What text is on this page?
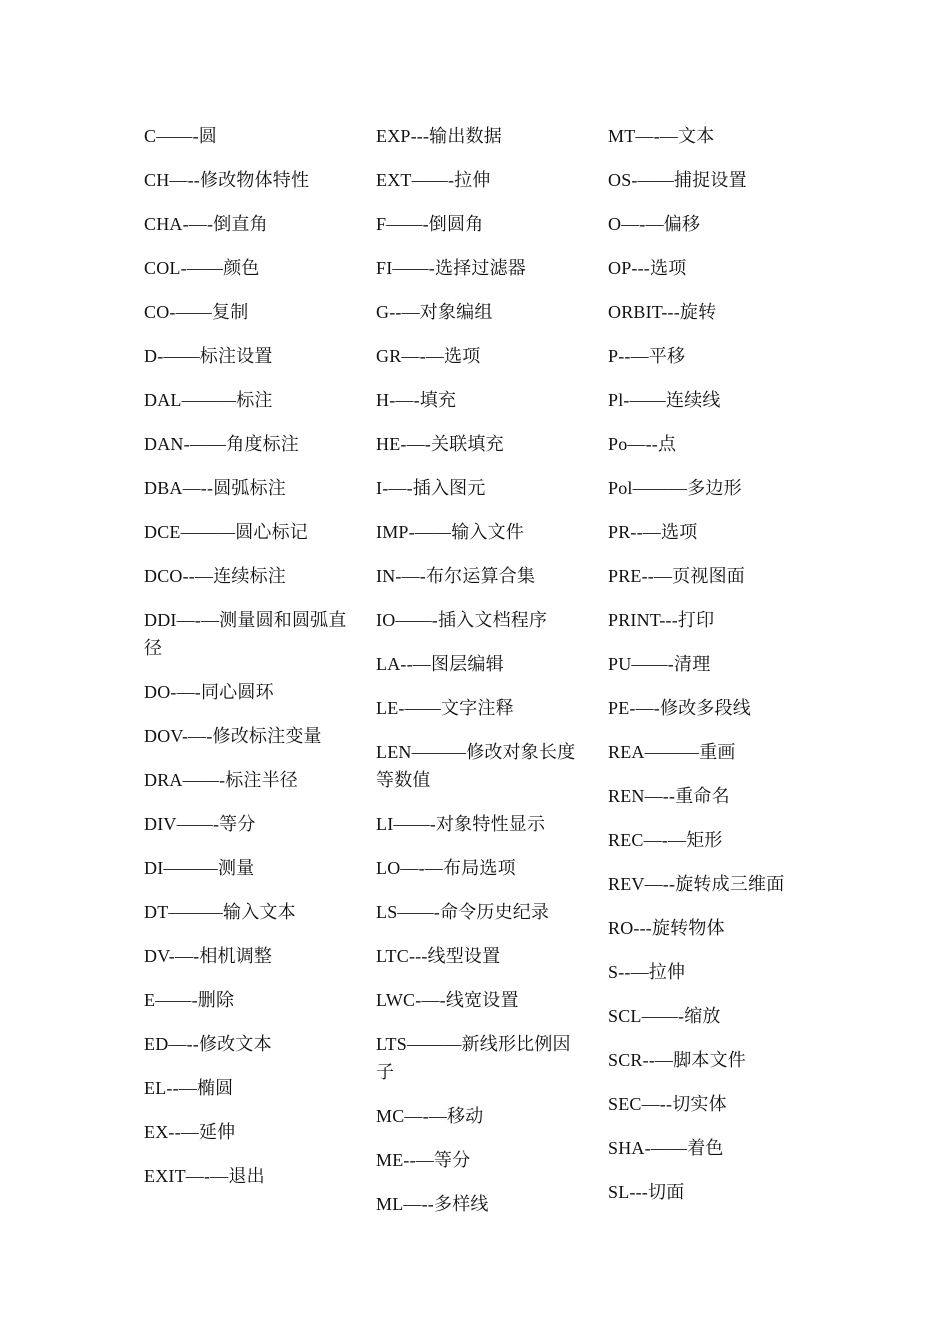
C——-圆
CH—--修改物体特性
CHA-—-倒直角
COL-——颜色
CO-——复制
D-——标注设置
DAL———标注
DAN-——角度标注
DBA—--圆弧标注
DCE———圆心标记
DCO--—连续标注
DDI—-—测量圆和圆弧直径
DO-—-同心圆环
DOV-—-修改标注变量
DRA——-标注半径
DIV——-等分
DI———测量
DT———输入文本
DV-—-相机调整
E——-删除
ED—--修改文本
EL--—椭圆
EX--—延伸
EXIT—-—退出
EXP---输出数据
EXT——-拉伸
F——-倒圆角
FI——-选择过滤器
G--—对象编组
GR—-—选项
H-—-填充
HE-—-关联填充
I-—-插入图元
IMP-——输入文件
IN-—-布尔运算合集
IO——-插入文档程序
LA--—图层编辑
LE-——文字注释
LEN———修改对象长度等数值
LI——-对象特性显示
LO—-—布局选项
LS——-命令历史纪录
LTC---线型设置
LWC-—-线宽设置
LTS———新线形比例因子
MC—-—移动
ME--—等分
ML—--多样线
MT—-—文本
OS-——捕捉设置
O—-—偏移
OP---选项
ORBIT---旋转
P--—平移
Pl-——连续线
Po—--点
Pol———多边形
PR--—选项
PRE--—页视图面
PRINT---打印
PU——-清理
PE-—-修改多段线
REA———重画
REN—--重命名
REC—-—矩形
REV—--旋转成三维面
RO---旋转物体
S--—拉伸
SCL——-缩放
SCR--—脚本文件
SEC—--切实体
SHA-——着色
SL---切面
